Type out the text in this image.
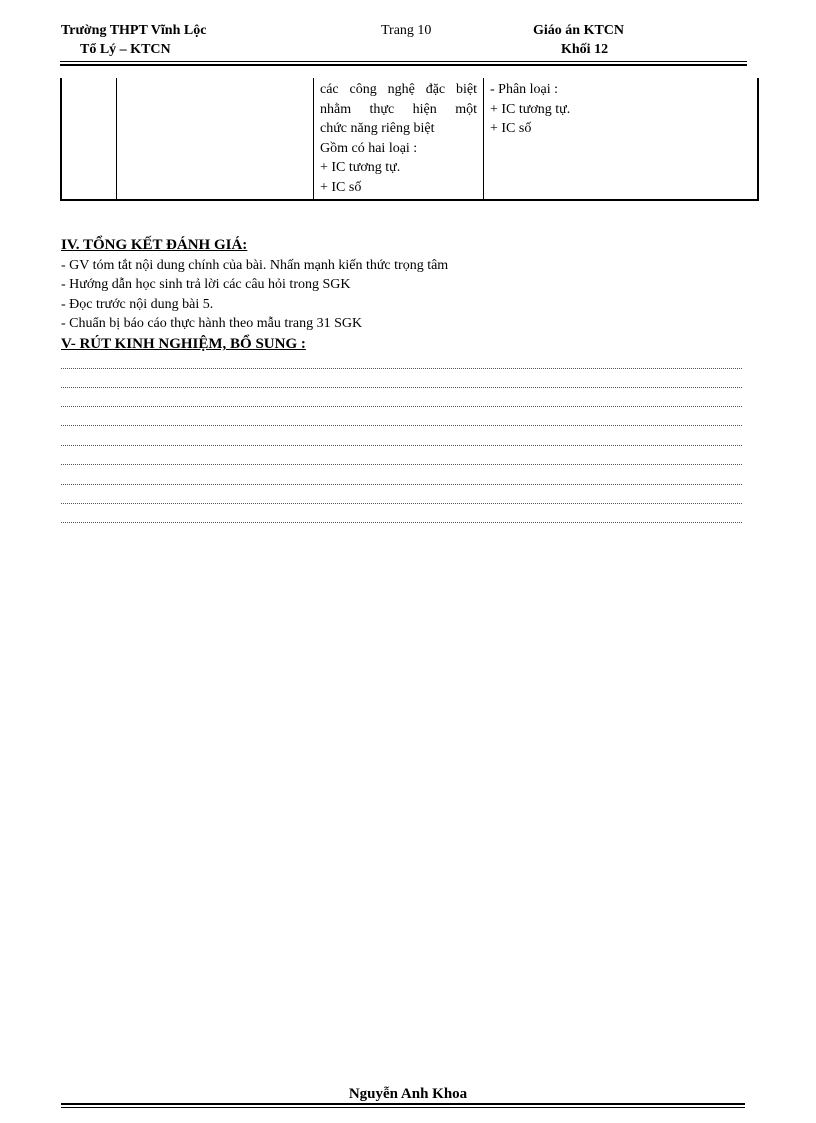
Trường THPT Vĩnh Lộc
Tổ Lý – KTCN
Trang 10	Giáo án KTCN
Khối 12

các công nghệ đặc biệt
nhằm thực hiện một
chức năng riêng biệt
Gồm có hai loại :
+ IC tương tự.
+ IC số

- Phân loại :
+ IC tương tự.
+ IC số
IV. TỔNG KẾT ĐÁNH GIÁ:
- GV tóm tắt nội dung chính của bài. Nhấn mạnh kiến thức trọng tâm
- Hướng dẫn học sinh trả lời các câu hỏi trong SGK
- Đọc trước nội dung bài 5.
- Chuẩn bị báo cáo thực hành theo mẫu trang 31 SGK
V- RÚT KINH NGHIỆM, BỔ SUNG :
Nguyễn Anh Khoa
